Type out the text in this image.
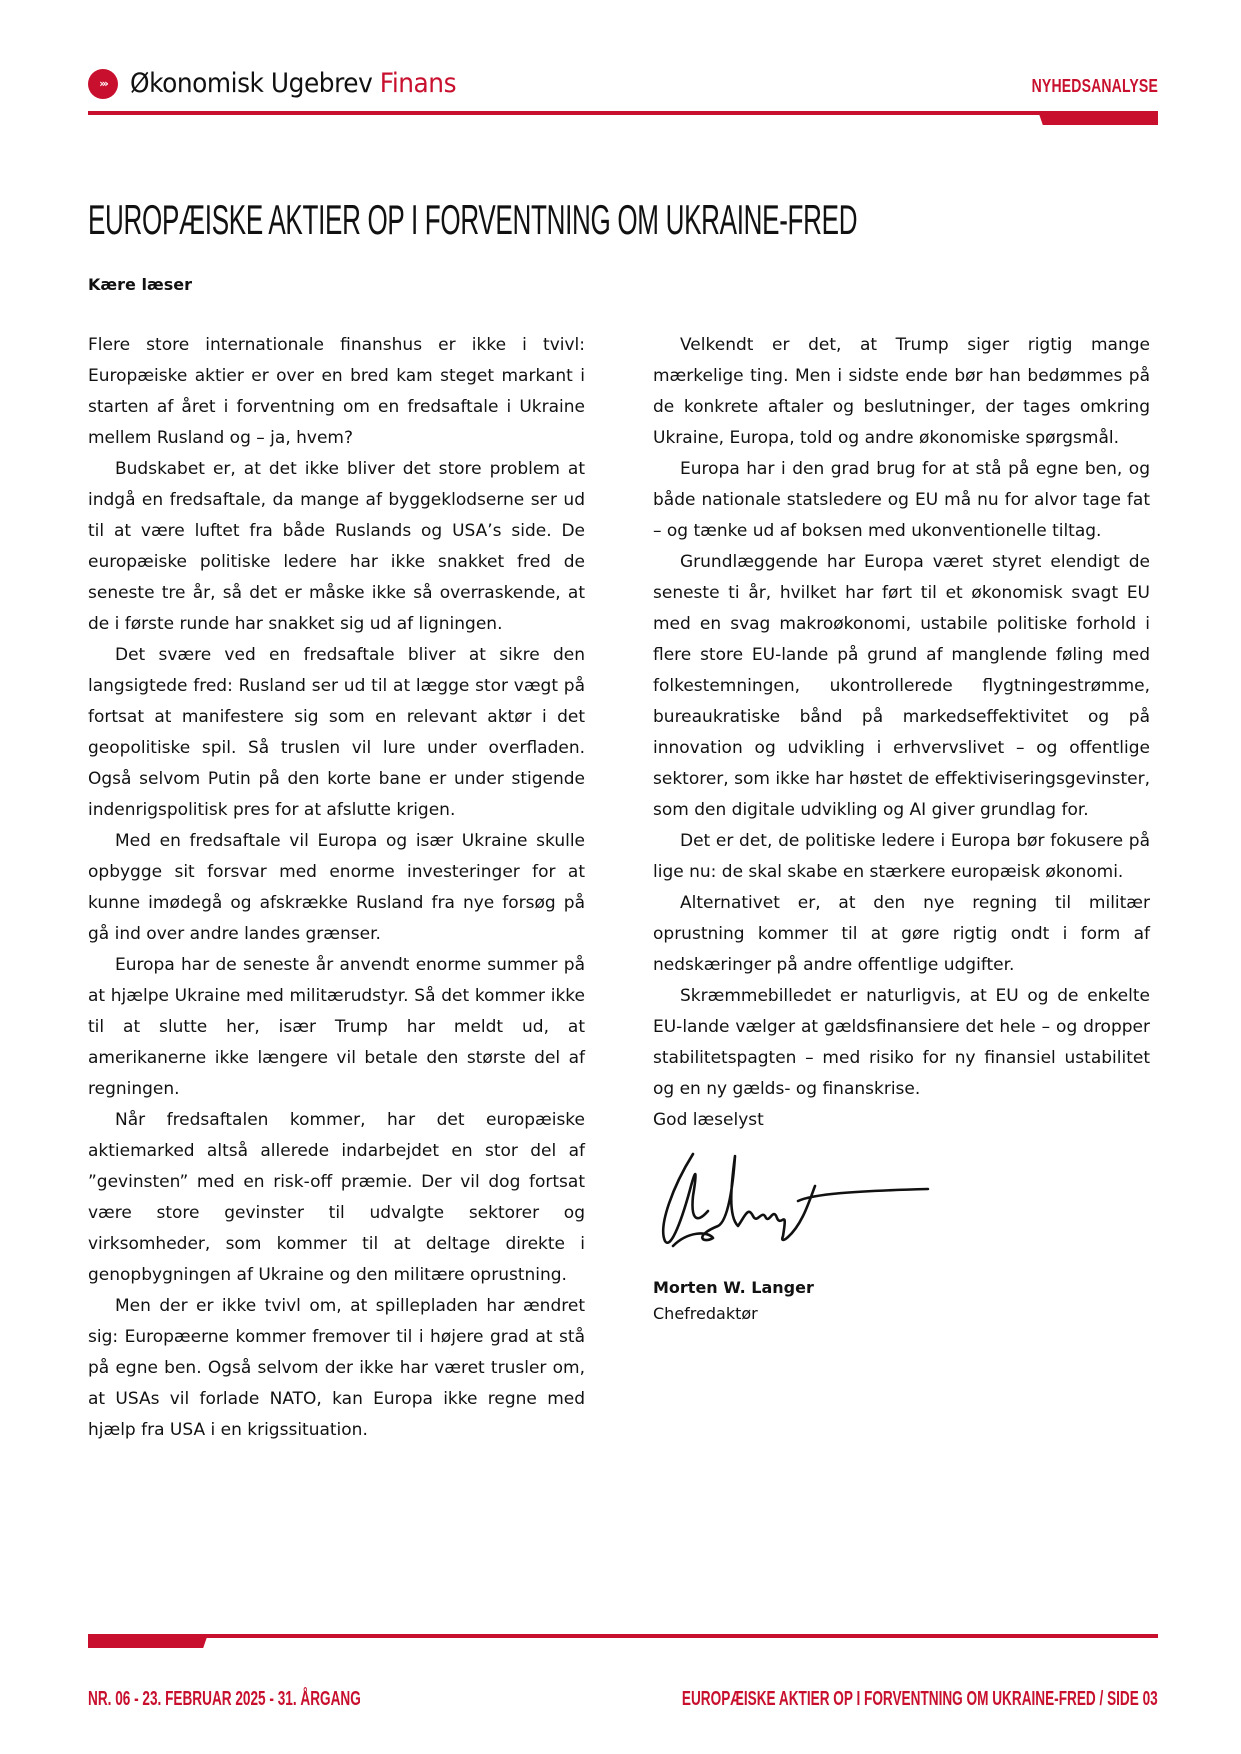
››› Økonomisk Ugebrev Finans	NYHEDSANALYSE
EUROPÆISKE AKTIER OP I FORVENTNING OM UKRAINE-FRED
Kære læser

Flere store internationale finanshus er ikke i tvivl: Europæiske aktier er over en bred kam steget markant i starten af året i forventning om en fredsaftale i Ukraine mellem Rusland og – ja, hvem?

Budskabet er, at det ikke bliver det store problem at indgå en fredsaftale, da mange af byggeklodserne ser ud til at være luftet fra både Ruslands og USA’s side. De europæiske politiske ledere har ikke snakket fred de seneste tre år, så det er måske ikke så overraskende, at de i første runde har snakket sig ud af ligningen.

Det svære ved en fredsaftale bliver at sikre den langsigtede fred: Rusland ser ud til at lægge stor vægt på fortsat at manifestere sig som en relevant aktør i det geopolitiske spil. Så truslen vil lure under overfladen. Også selvom Putin på den korte bane er under stigende indenrigspolitisk pres for at afslutte krigen.

Med en fredsaftale vil Europa og især Ukraine skulle opbygge sit forsvar med enorme investeringer for at kunne imødegå og afskrække Rusland fra nye forsøg på gå ind over andre landes grænser.

Europa har de seneste år anvendt enorme summer på at hjælpe Ukraine med militærudstyr. Så det kommer ikke til at slutte her, især Trump har meldt ud, at amerikanerne ikke længere vil betale den største del af regningen.

Når fredsaftalen kommer, har det europæiske aktiemarked altså allerede indarbejdet en stor del af ”gevinsten” med en risk-off præmie. Der vil dog fortsat være store gevinster til udvalgte sektorer og virksomheder, som kommer til at deltage direkte i genopbygningen af Ukraine og den militære oprustning.

Men der er ikke tvivl om, at spillepladen har ændret sig: Europæerne kommer fremover til i højere grad at stå på egne ben. Også selvom der ikke har været trusler om, at USAs vil forlade NATO, kan Europa ikke regne med hjælp fra USA i en krigssituation.

Velkendt er det, at Trump siger rigtig mange mærkelige ting. Men i sidste ende bør han bedømmes på de konkrete aftaler og beslutninger, der tages omkring Ukraine, Europa, told og andre økonomiske spørgsmål.

Europa har i den grad brug for at stå på egne ben, og både nationale statsledere og EU må nu for alvor tage fat – og tænke ud af boksen med ukonventionelle tiltag.

Grundlæggende har Europa været styret elendigt de seneste ti år, hvilket har ført til et økonomisk svagt EU med en svag makroøkonomi, ustabile politiske forhold i flere store EU-lande på grund af manglende føling med folkestemningen, ukontrollerede flygtningestrømme, bureaukratiske bånd på markedseffektivitet og på innovation og udvikling i erhvervslivet – og offentlige sektorer, som ikke har høstet de effektiviseringsgevinster, som den digitale udvikling og AI giver grundlag for.

Det er det, de politiske ledere i Europa bør fokusere på lige nu: de skal skabe en stærkere europæisk økonomi.

Alternativet er, at den nye regning til militær oprustning kommer til at gøre rigtig ondt i form af nedskæringer på andre offentlige udgifter.

Skræmmebilledet er naturligvis, at EU og de enkelte EU-lande vælger at gældsfinansiere det hele – og dropper stabilitetspagten – med risiko for ny finansiel ustabilitet og en ny gælds- og finanskrise.

God læselyst

Morten W. Langer
Chefredaktør
NR. 06 - 23. FEBRUAR 2025 - 31. ÅRGANG	EUROPÆISKE AKTIER OP I FORVENTNING OM UKRAINE-FRED / SIDE 03
